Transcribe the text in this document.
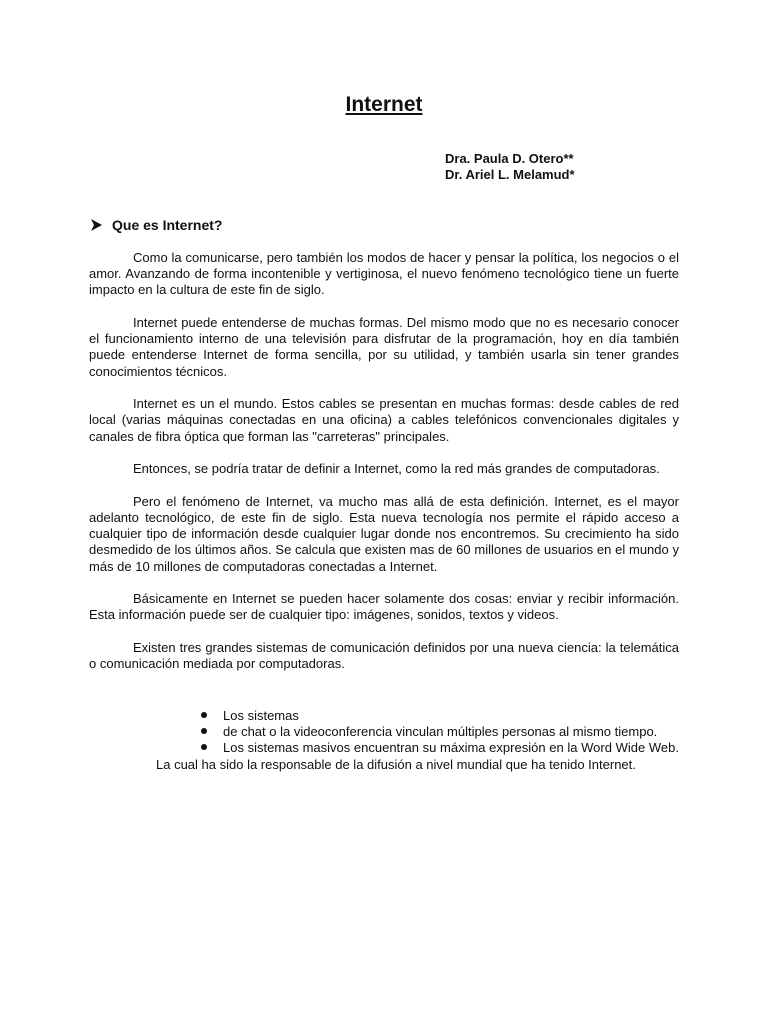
Internet
Dra. Paula D. Otero**
Dr. Ariel L. Melamud*
Que es Internet?

Como la comunicarse, pero también los modos de hacer y pensar la política, los negocios o el amor. Avanzando de forma incontenible y vertiginosa, el nuevo fenómeno tecnológico tiene un fuerte impacto en la cultura de este fin de siglo.

Internet puede entenderse de muchas formas. Del mismo modo que no es necesario conocer el funcionamiento interno de una televisión para disfrutar de la programación, hoy en día también puede entenderse Internet de forma sencilla, por su utilidad, y también usarla sin tener grandes conocimientos técnicos.

Internet es un el mundo. Estos cables se presentan en muchas formas: desde cables de red local (varias máquinas conectadas en una oficina) a cables telefónicos convencionales digitales y canales de fibra óptica que forman las "carreteras" principales.

Entonces, se podría tratar de definir a Internet, como la red más grandes de computadoras.

Pero el fenómeno de Internet, va mucho mas allá de esta definición. Internet, es el mayor adelanto tecnológico, de este fin de siglo. Esta nueva tecnología nos permite el rápido acceso a cualquier tipo de información desde cualquier lugar donde nos encontremos. Su crecimiento ha sido desmedido de los últimos años. Se calcula que existen mas de 60 millones de usuarios en el mundo y más de 10 millones de computadoras conectadas a Internet.

Básicamente en Internet se pueden hacer solamente dos cosas: enviar y recibir información. Esta información puede ser de cualquier tipo: imágenes, sonidos, textos y videos.

Existen tres grandes sistemas de comunicación definidos por una nueva ciencia: la telemática o comunicación mediada por computadoras.

Los sistemas

de chat o la videoconferencia vinculan múltiples personas al mismo tiempo.

Los sistemas masivos encuentran su máxima expresión en la Word Wide Web. La cual ha sido la responsable de la difusión a nivel mundial que ha tenido Internet.
